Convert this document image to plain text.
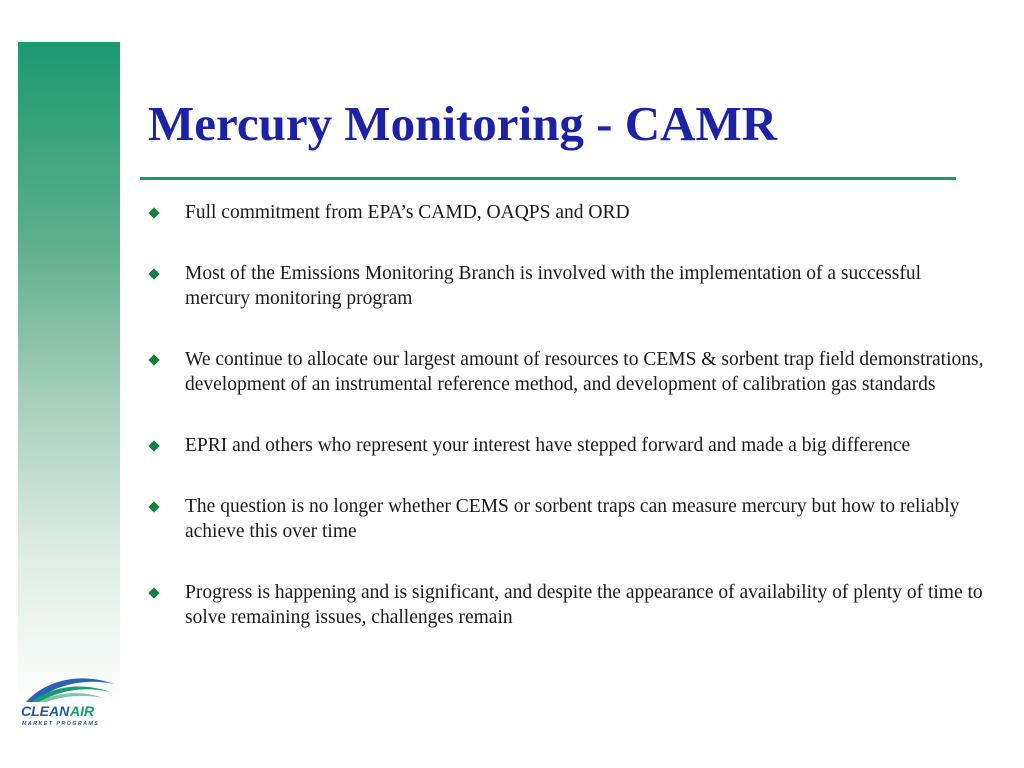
Mercury Monitoring - CAMR
Full commitment from EPA’s CAMD, OAQPS and ORD
Most of the Emissions Monitoring Branch is involved with the implementation of a successful mercury monitoring program
We continue to allocate our largest amount of resources to CEMS & sorbent trap field demonstrations, development of an instrumental reference method, and development of calibration gas standards
EPRI and others who represent your interest have stepped forward and made a big difference
The question is no longer whether CEMS or sorbent traps can measure mercury but how to reliably achieve this over time
Progress is happening and is significant, and despite the appearance of availability of plenty of time to solve remaining issues, challenges remain
CLEAN AIR
MARKET PROGRAMS
